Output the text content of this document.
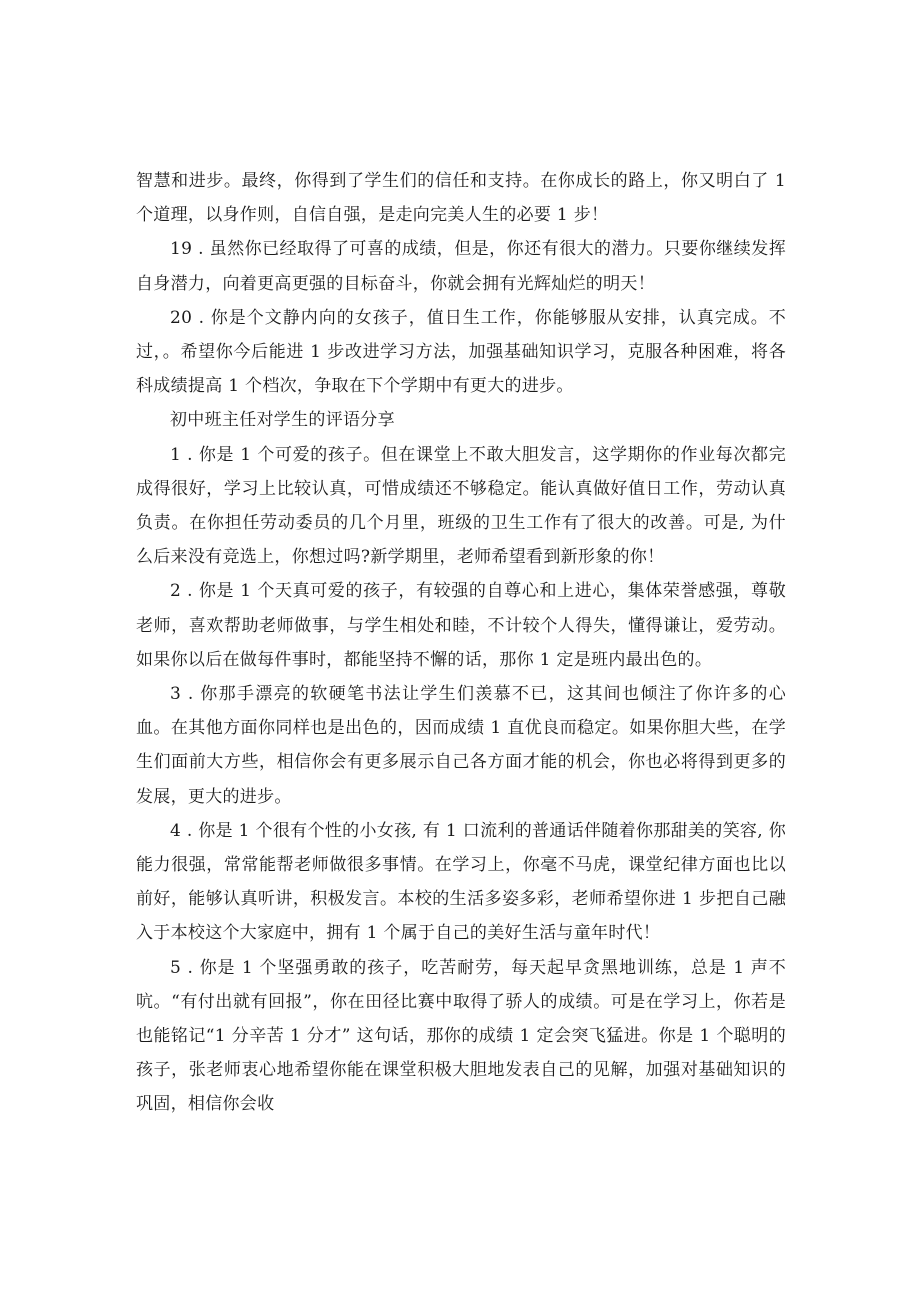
智慧和进步。最终，你得到了学生们的信任和支持。在你成长的路上，你又明白了 1 个道理，以身作则，自信自强，是走向完美人生的必要 1 步！

19 . 虽然你已经取得了可喜的成绩，但是，你还有很大的潜力。只要你继续发挥自身潜力，向着更高更强的目标奋斗，你就会拥有光辉灿烂的明天！

20 . 你是个文静内向的女孩子，值日生工作，你能够服从安排，认真完成。不过，。希望你今后能进 1 步改进学习方法，加强基础知识学习，克服各种困难，将各科成绩提高 1 个档次，争取在下个学期中有更大的进步。

初中班主任对学生的评语分享

1 . 你是 1 个可爱的孩子。但在课堂上不敢大胆发言，这学期你的作业每次都完成得很好，学习上比较认真，可惜成绩还不够稳定。能认真做好值日工作，劳动认真负责。在你担任劳动委员的几个月里，班级的卫生工作有了很大的改善。可是, 为什么后来没有竞选上，你想过吗?新学期里，老师希望看到新形象的你！

2 . 你是 1 个天真可爱的孩子，有较强的自尊心和上进心，集体荣誉感强，尊敬老师，喜欢帮助老师做事，与学生相处和睦，不计较个人得失，懂得谦让，爱劳动。如果你以后在做每件事时，都能坚持不懈的话，那你 1 定是班内最出色的。

3 . 你那手漂亮的软硬笔书法让学生们羡慕不已，这其间也倾注了你许多的心血。在其他方面你同样也是出色的，因而成绩 1 直优良而稳定。如果你胆大些，在学生们面前大方些，相信你会有更多展示自己各方面才能的机会，你也必将得到更多的发展，更大的进步。

4 . 你是 1 个很有个性的小女孩, 有 1 口流利的普通话伴随着你那甜美的笑容, 你能力很强，常常能帮老师做很多事情。在学习上，你毫不马虎，课堂纪律方面也比以前好，能够认真听讲，积极发言。本校的生活多姿多彩，老师希望你进 1 步把自己融入于本校这个大家庭中，拥有 1 个属于自己的美好生活与童年时代！

5 . 你是 1 个坚强勇敢的孩子，吃苦耐劳，每天起早贪黑地训练，总是 1 声不吭。“有付出就有回报”，你在田径比赛中取得了骄人的成绩。可是在学习上，你若是也能铭记“1 分辛苦 1 分才” 这句话，那你的成绩 1 定会突飞猛进。你是 1 个聪明的孩子，张老师衷心地希望你能在课堂积极大胆地发表自己的见解，加强对基础知识的巩固，相信你会收
